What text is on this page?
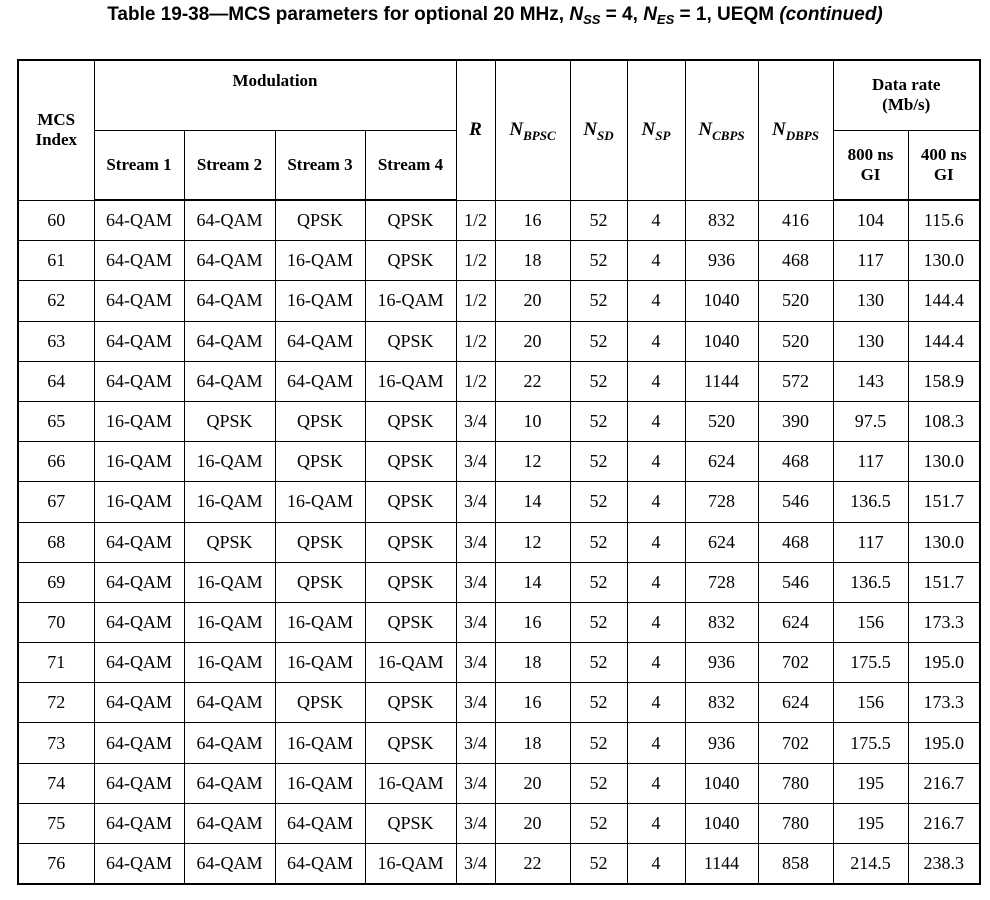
Table 19-38—MCS parameters for optional 20 MHz, $N_{SS} = 4$, $N_{ES} = 1$, UEQM (continued)
MCS Index	Modulation				R	$N_{BPSC}$	$N_{SD}$	$N_{SP}$	$N_{CBPS}$	$N_{DBPS}$	Data rate (Mb/s)	
	Stream 1	Stream 2	Stream 3	Stream 4							800 ns GI	400 ns GI
60	64-QAM	64-QAM	QPSK	QPSK	1/2	16	52	4	832	416	104	115.6
61	64-QAM	64-QAM	16-QAM	QPSK	1/2	18	52	4	936	468	117	130.0
62	64-QAM	64-QAM	16-QAM	16-QAM	1/2	20	52	4	1040	520	130	144.4
63	64-QAM	64-QAM	64-QAM	QPSK	1/2	20	52	4	1040	520	130	144.4
64	64-QAM	64-QAM	64-QAM	16-QAM	1/2	22	52	4	1144	572	143	158.9
65	16-QAM	QPSK	QPSK	QPSK	3/4	10	52	4	520	390	97.5	108.3
66	16-QAM	16-QAM	QPSK	QPSK	3/4	12	52	4	624	468	117	130.0
67	16-QAM	16-QAM	16-QAM	QPSK	3/4	14	52	4	728	546	136.5	151.7
68	64-QAM	QPSK	QPSK	QPSK	3/4	12	52	4	624	468	117	130.0
69	64-QAM	16-QAM	QPSK	QPSK	3/4	14	52	4	728	546	136.5	151.7
70	64-QAM	16-QAM	16-QAM	QPSK	3/4	16	52	4	832	624	156	173.3
71	64-QAM	16-QAM	16-QAM	16-QAM	3/4	18	52	4	936	702	175.5	195.0
72	64-QAM	64-QAM	QPSK	QPSK	3/4	16	52	4	832	624	156	173.3
73	64-QAM	64-QAM	16-QAM	QPSK	3/4	18	52	4	936	702	175.5	195.0
74	64-QAM	64-QAM	16-QAM	16-QAM	3/4	20	52	4	1040	780	195	216.7
75	64-QAM	64-QAM	64-QAM	QPSK	3/4	20	52	4	1040	780	195	216.7
76	64-QAM	64-QAM	64-QAM	16-QAM	3/4	22	52	4	1144	858	214.5	238.3
